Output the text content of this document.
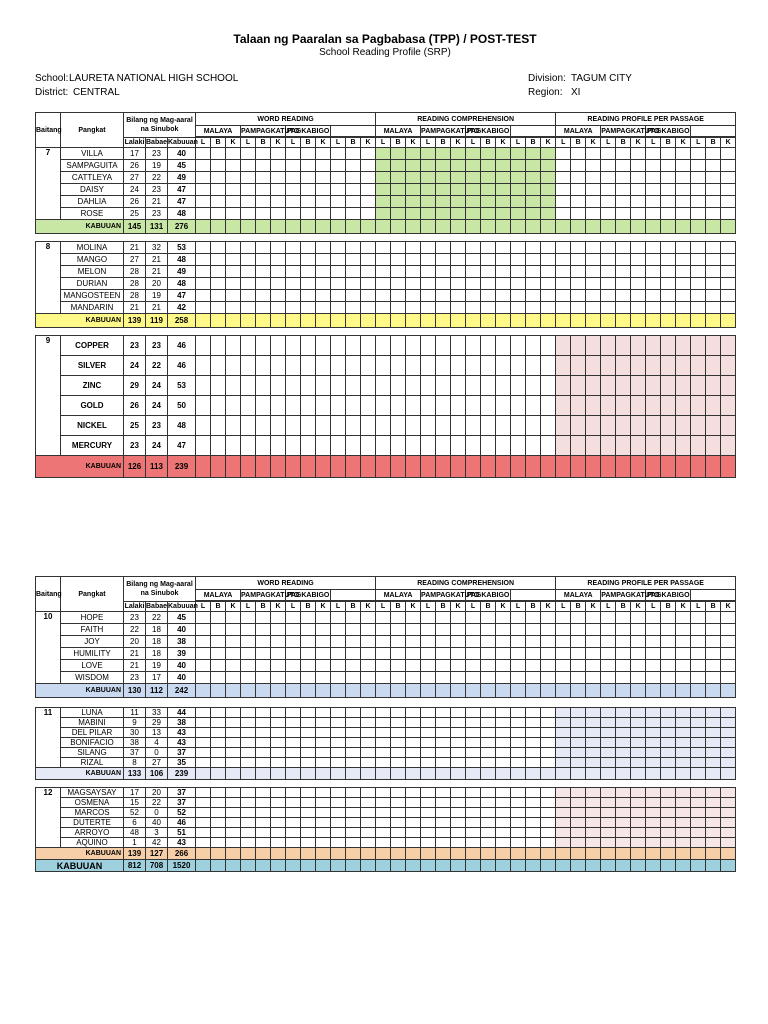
Talaan ng Paaralan sa Pagbabasa (TPP) / POST-TEST
School Reading Profile (SRP)
School: LAURETA NATIONAL HIGH SCHOOL	Division: TAGUM CITY
District: CENTRAL	Region: XI
Baitang	Pangkat	Bilang ng Mag-aaral na Sinubok			WORD READING												READING COMPREHENSION												READING PROFILE PER PASSAGE											
					MALAYA			PAMPAGKATUTO			PAGKABIGO						MALAYA			PAMPAGKATUTO			PAGKABIGO						MALAYA			PAMPAGKATUTO			PAGKABIGO					

		Lalaki	Babae	Kabuuan	L	B	K	L	B	K	L	B	K	L	B	K	L	B	K	L	B	K	L	B	K	L	B	K	L	B	K	L	B	K	L	B	K	L	B	K
7	VILLA	17	23	40																																				
	SAMPAGUITA	26	19	45																																				
	CATTLEYA	27	22	49																																				
	DAISY	24	23	47																																				
	DAHLIA	26	21	47																																				
	ROSE	25	23	48																																				
KABUUAN		145	131	276																																				

8	MOLINA	21	32	53																																				
	MANGO	27	21	48																																				
	MELON	28	21	49																																				
	DURIAN	28	20	48																																				
	MANGOSTEEN	28	19	47																																				
	MANDARIN	21	21	42																																				
KABUUAN		139	119	258																																				

9	COPPER	23	23	46																																				
	SILVER	24	22	46																																				
	ZINC	29	24	53																																				
	GOLD	26	24	50																																				
	NICKEL	25	23	48																																				
	MERCURY	23	24	47																																				
KABUUAN		126	113	239																																				
Baitang	Pangkat	Bilang ng Mag-aaral na Sinubok			WORD READING												READING COMPREHENSION												READING PROFILE PER PASSAGE											
					MALAYA			PAMPAGKATUTO			PAGKABIGO						MALAYA			PAMPAGKATUTO			PAGKABIGO						MALAYA			PAMPAGKATUTO			PAGKABIGO					

		Lalaki	Babae	Kabuuan	L	B	K	L	B	K	L	B	K	L	B	K	L	B	K	L	B	K	L	B	K	L	B	K	L	B	K	L	B	K	L	B	K	L	B	K
10	HOPE	23	22	45																																				
	FAITH	22	18	40																																				
	JOY	20	18	38																																				
	HUMILITY	21	18	39																																				
	LOVE	21	19	40																																				
	WISDOM	23	17	40																																				
KABUUAN		130	112	242																																				

11	LUNA	11	33	44																																				
	MABINI	9	29	38																																				
	DEL PILAR	30	13	43																																				
	BONIFACIO	38	4	43																																				
	SILANG	37	0	37																																				
	RIZAL	8	27	35																																				
KABUUAN		133	106	239																																				

12	MAGSAYSAY	17	20	37																																				
	OSMENA	15	22	37																																				
	MARCOS	52	0	52																																				
	DUTERTE	6	40	46																																				
	ARROYO	48	3	51																																				
	AQUINO	1	42	43																																				
KABUUAN		139	127	266																																				
KABUUAN		812	708	1520																																				
